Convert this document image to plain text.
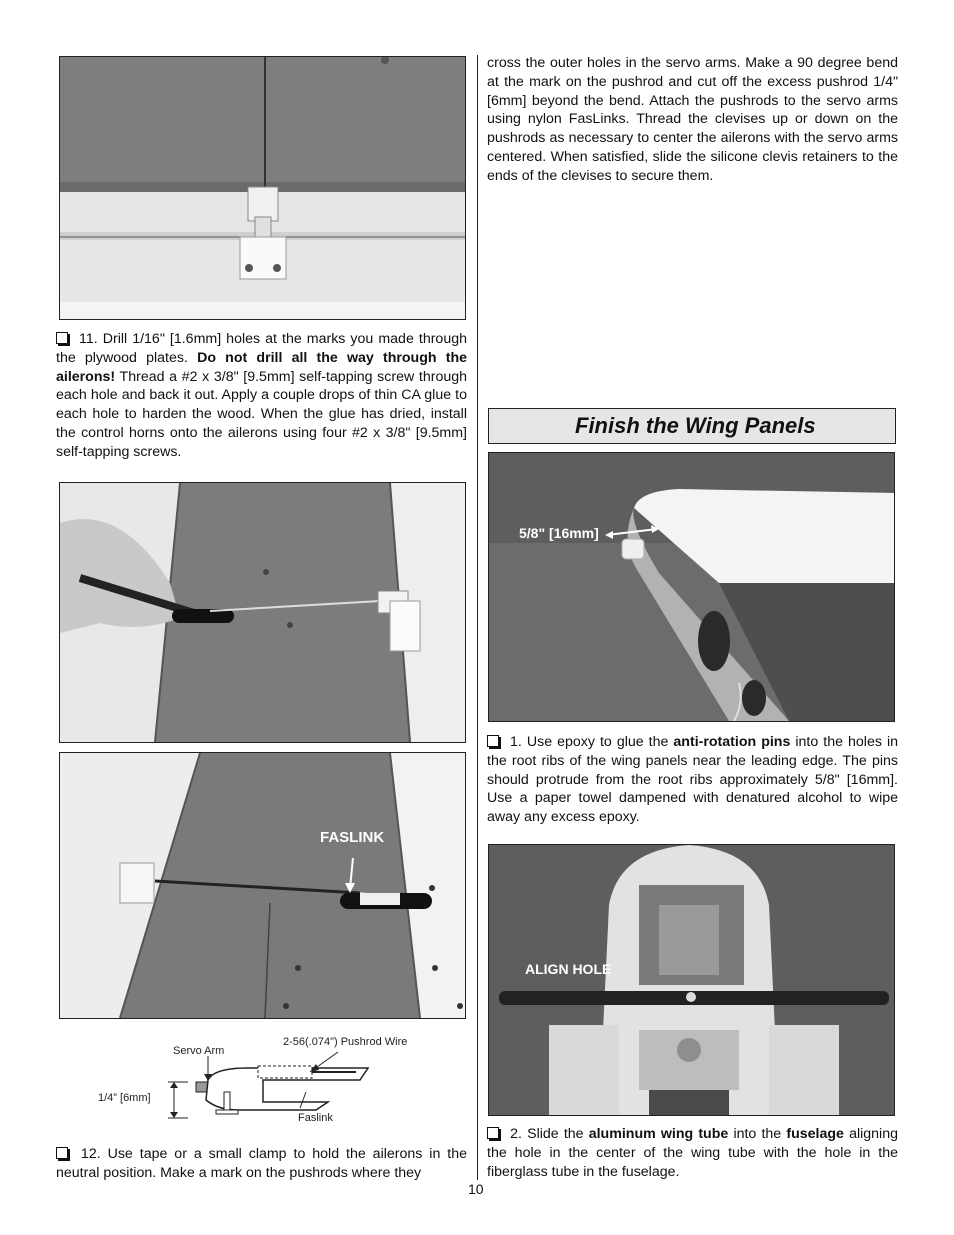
11. Drill 1/16" [1.6mm] holes at the marks you made through the plywood plates. Do not drill all the way through the ailerons! Thread a #2 x 3/8" [9.5mm] self-tapping screw through each hole and back it out. Apply a couple drops of thin CA glue to each hole to harden the wood. When the glue has dried, install the control horns onto the ailerons using four #2 x 3/8" [9.5mm] self-tapping screws.
FASLINK
Servo Arm
2-56(.074") Pushrod Wire
1/4” [6mm]
Faslink
12. Use tape or a small clamp to hold the ailerons in the neutral position. Make a mark on the pushrods where they
cross the outer holes in the servo arms. Make a 90 degree bend at the mark on the pushrod and cut off the excess pushrod 1/4" [6mm] beyond the bend. Attach the pushrods to the servo arms using nylon FasLinks. Thread the clevises up or down on the pushrods as necessary to center the ailerons with the servo arms centered. When satisfied, slide the silicone clevis retainers to the ends of the clevises to secure them.
Finish the Wing Panels
5/8" [16mm]
1. Use epoxy to glue the anti-rotation pins into the holes in the root ribs of the wing panels near the leading edge. The pins should protrude from the root ribs approximately 5/8" [16mm]. Use a paper towel dampened with denatured alcohol to wipe away any excess epoxy.
ALIGN HOLE
2. Slide the aluminum wing tube into the fuselage aligning the hole in the center of the wing tube with the hole in the fiberglass tube in the fuselage.
10
